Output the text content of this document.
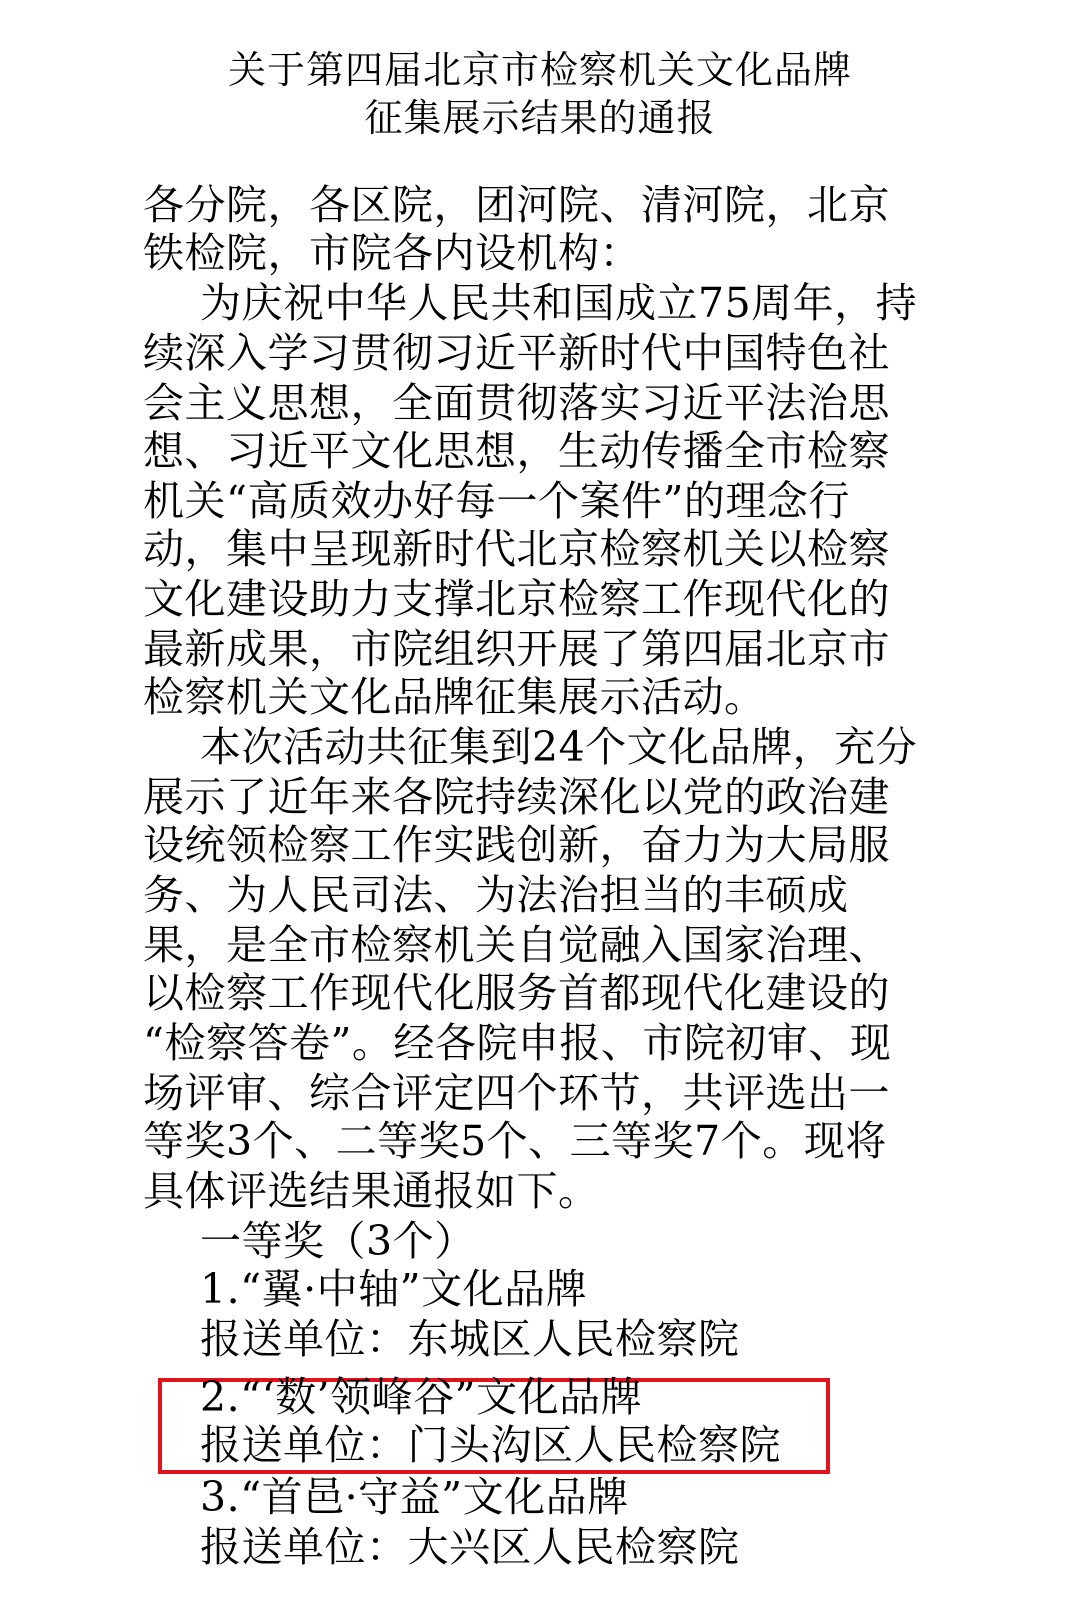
关于第四届北京市检察机关文化品牌
征集展示结果的通报
各分院，各区院，团河院、清河院，北京
铁检院，市院各内设机构：
为庆祝中华人民共和国成立75周年，持
续深入学习贯彻习近平新时代中国特色社
会主义思想，全面贯彻落实习近平法治思
想、习近平文化思想，生动传播全市检察
机关“高质效办好每一个案件”的理念行
动，集中呈现新时代北京检察机关以检察
文化建设助力支撑北京检察工作现代化的
最新成果，市院组织开展了第四届北京市
检察机关文化品牌征集展示活动。
本次活动共征集到24个文化品牌，充分
展示了近年来各院持续深化以党的政治建
设统领检察工作实践创新，奋力为大局服
务、为人民司法、为法治担当的丰硕成
果，是全市检察机关自觉融入国家治理、
以检察工作现代化服务首都现代化建设的
“检察答卷”。经各院申报、市院初审、现
场评审、综合评定四个环节，共评选出一
等奖3个、二等奖5个、三等奖7个。现将
具体评选结果通报如下。
一等奖（3个）
1.“翼·中轴”文化品牌
报送单位：东城区人民检察院
2.“‘数’领峰谷”文化品牌
报送单位：门头沟区人民检察院
3.“首邑·守益”文化品牌
报送单位：大兴区人民检察院
